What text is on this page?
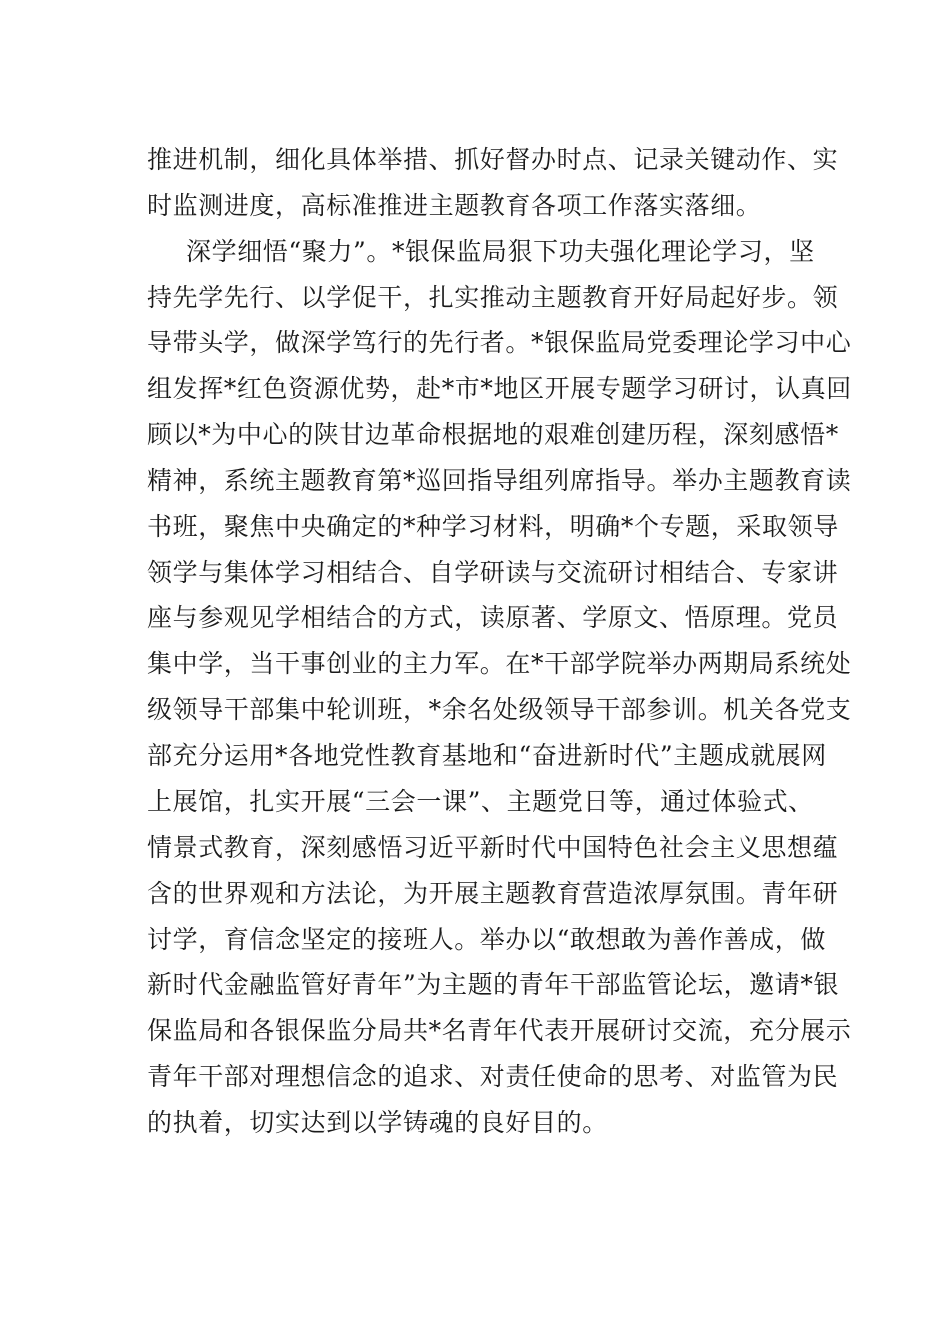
推进机制，细化具体举措、抓好督办时点、记录关键动作、实
时监测进度，高标准推进主题教育各项工作落实落细。
深学细悟“聚力”。*银保监局狠下功夫强化理论学习，坚
持先学先行、以学促干，扎实推动主题教育开好局起好步。领
导带头学，做深学笃行的先行者。*银保监局党委理论学习中心
组发挥*红色资源优势，赴*市*地区开展专题学习研讨，认真回
顾以*为中心的陕甘边革命根据地的艰难创建历程，深刻感悟*
精神，系统主题教育第*巡回指导组列席指导。举办主题教育读
书班，聚焦中央确定的*种学习材料，明确*个专题，采取领导
领学与集体学习相结合、自学研读与交流研讨相结合、专家讲
座与参观见学相结合的方式，读原著、学原文、悟原理。党员
集中学，当干事创业的主力军。在*干部学院举办两期局系统处
级领导干部集中轮训班，*余名处级领导干部参训。机关各党支
部充分运用*各地党性教育基地和“奋进新时代”主题成就展网
上展馆，扎实开展“三会一课”、主题党日等，通过体验式、
情景式教育，深刻感悟习近平新时代中国特色社会主义思想蕴
含的世界观和方法论，为开展主题教育营造浓厚氛围。青年研
讨学，育信念坚定的接班人。举办以“敢想敢为善作善成，做
新时代金融监管好青年”为主题的青年干部监管论坛，邀请*银
保监局和各银保监分局共*名青年代表开展研讨交流，充分展示
青年干部对理想信念的追求、对责任使命的思考、对监管为民
的执着，切实达到以学铸魂的良好目的。
